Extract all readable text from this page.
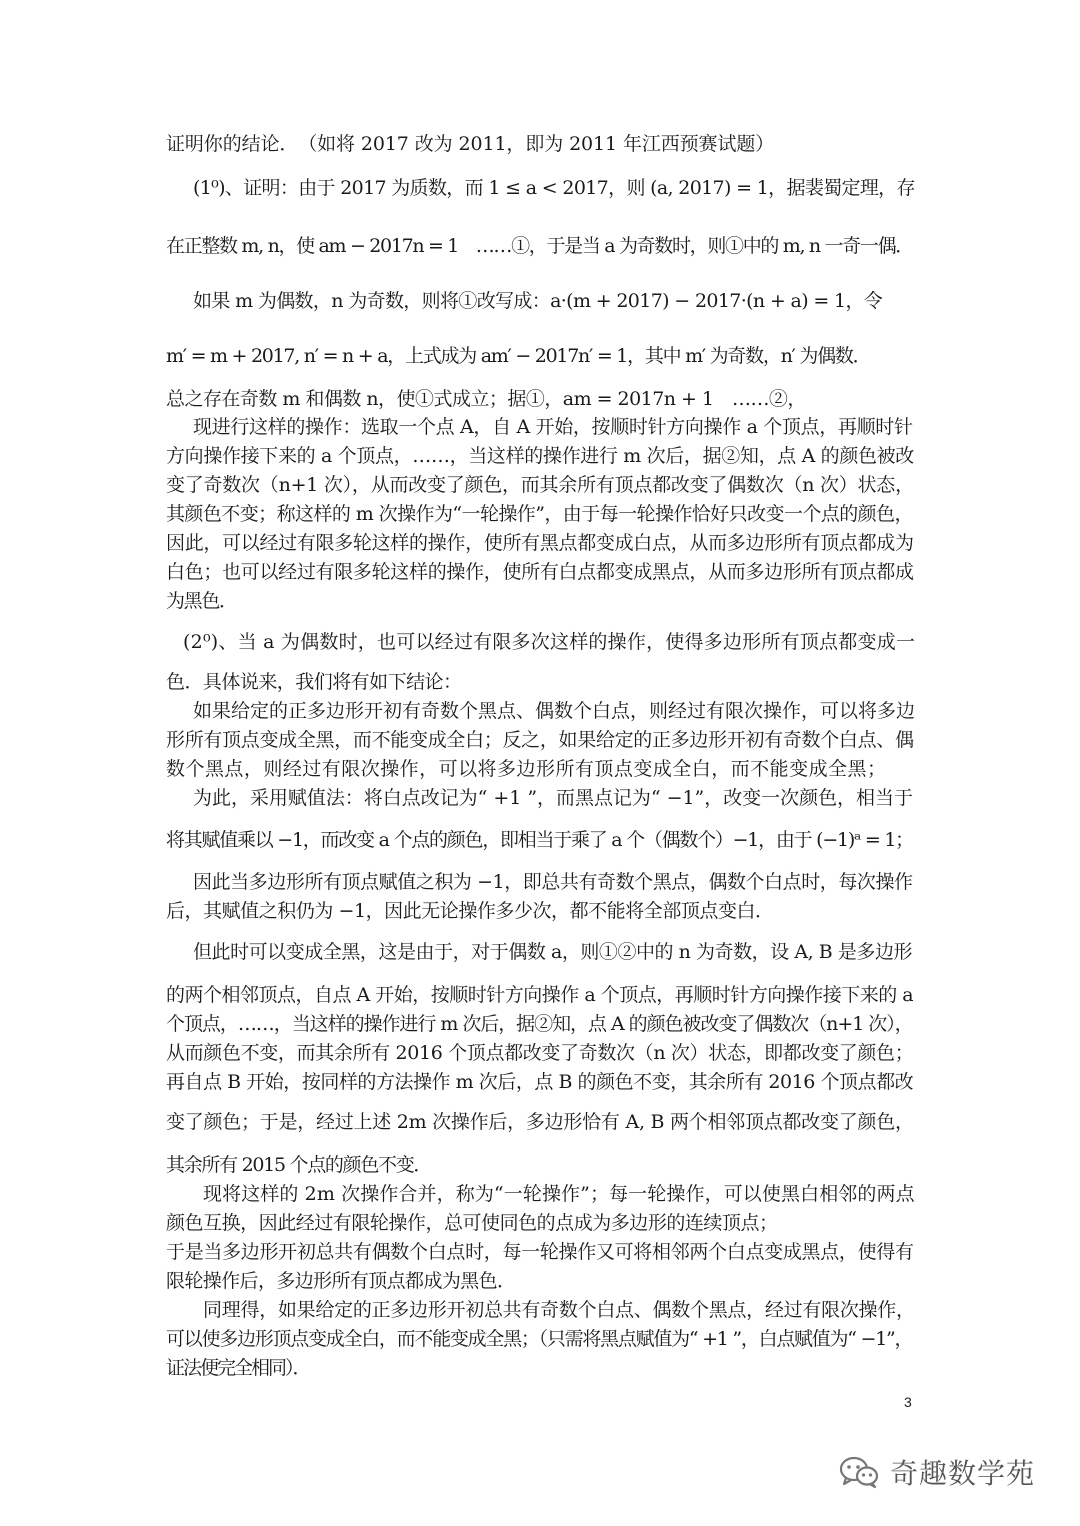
证明你的结论．　（如将 2017 改为 2011，即为 2011 年江西预赛试题）
(1⁰)、证明：由于 2017 为质数，而 1 ≤ a < 2017，则 (a, 2017) = 1，据裴蜀定理，存
在正整数 m, n，使 am − 2017n = 1　……①，于是当 a 为奇数时，则①中的 m, n 一奇一偶．
如果 m 为偶数，n 为奇数，则将①改写成：a·(m + 2017) − 2017·(n + a) = 1，令
m′ = m + 2017, n′ = n + a，上式成为 am′ − 2017n′ = 1，其中 m′ 为奇数，n′ 为偶数．
总之存在奇数 m 和偶数 n，使①式成立；据①，am = 2017n + 1　……②，
现进行这样的操作：选取一个点 A，自 A 开始，按顺时针方向操作 a 个顶点，再顺时针
方向操作接下来的 a 个顶点，……，当这样的操作进行 m 次后，据②知，点 A 的颜色被改
变了奇数次（n+1 次），从而改变了颜色，而其余所有顶点都改变了偶数次（n 次）状态，
其颜色不变；称这样的 m 次操作为“一轮操作”，由于每一轮操作恰好只改变一个点的颜色，
因此，可以经过有限多轮这样的操作，使所有黑点都变成白点，从而多边形所有顶点都成为
白色；也可以经过有限多轮这样的操作，使所有白点都变成黑点，从而多边形所有顶点都成
为黑色．
(2⁰)、当 a 为偶数时，也可以经过有限多次这样的操作，使得多边形所有顶点都变成一
色．具体说来，我们将有如下结论：
如果给定的正多边形开初有奇数个黑点、偶数个白点，则经过有限次操作，可以将多边
形所有顶点变成全黑，而不能变成全白；反之，如果给定的正多边形开初有奇数个白点、偶
数个黑点，则经过有限次操作，可以将多边形所有顶点变成全白，而不能变成全黑；
为此，采用赋值法：将白点改记为“ +1 ”，而黑点记为“ −1”，改变一次颜色，相当于
将其赋值乘以 −1，而改变 a 个点的颜色，即相当于乘了 a 个（偶数个）−1，由于 (−1)ᵃ = 1；
因此当多边形所有顶点赋值之积为 −1，即总共有奇数个黑点，偶数个白点时，每次操作
后，其赋值之积仍为 −1，因此无论操作多少次，都不能将全部顶点变白．
但此时可以变成全黑，这是由于，对于偶数 a，则①②中的 n 为奇数，设 A, B 是多边形
的两个相邻顶点，自点 A 开始，按顺时针方向操作 a 个顶点，再顺时针方向操作接下来的 a
个顶点，……，当这样的操作进行 m 次后，据②知，点 A 的颜色被改变了偶数次（n+1 次），
从而颜色不变，而其余所有 2016 个顶点都改变了奇数次（n 次）状态，即都改变了颜色；
再自点 B 开始，按同样的方法操作 m 次后，点 B 的颜色不变，其余所有 2016 个顶点都改
变了颜色；于是，经过上述 2m 次操作后，多边形恰有 A, B 两个相邻顶点都改变了颜色，
其余所有 2015 个点的颜色不变．
现将这样的 2m 次操作合并，称为“一轮操作”；每一轮操作，可以使黑白相邻的两点
颜色互换，因此经过有限轮操作，总可使同色的点成为多边形的连续顶点；
于是当多边形开初总共有偶数个白点时，每一轮操作又可将相邻两个白点变成黑点，使得有
限轮操作后，多边形所有顶点都成为黑色．
同理得，如果给定的正多边形开初总共有奇数个白点、偶数个黑点，经过有限次操作，
可以使多边形顶点变成全白，而不能变成全黑；（只需将黑点赋值为“ +1 ”，白点赋值为“ −1”，
证法便完全相同）．
3
奇趣数学苑
